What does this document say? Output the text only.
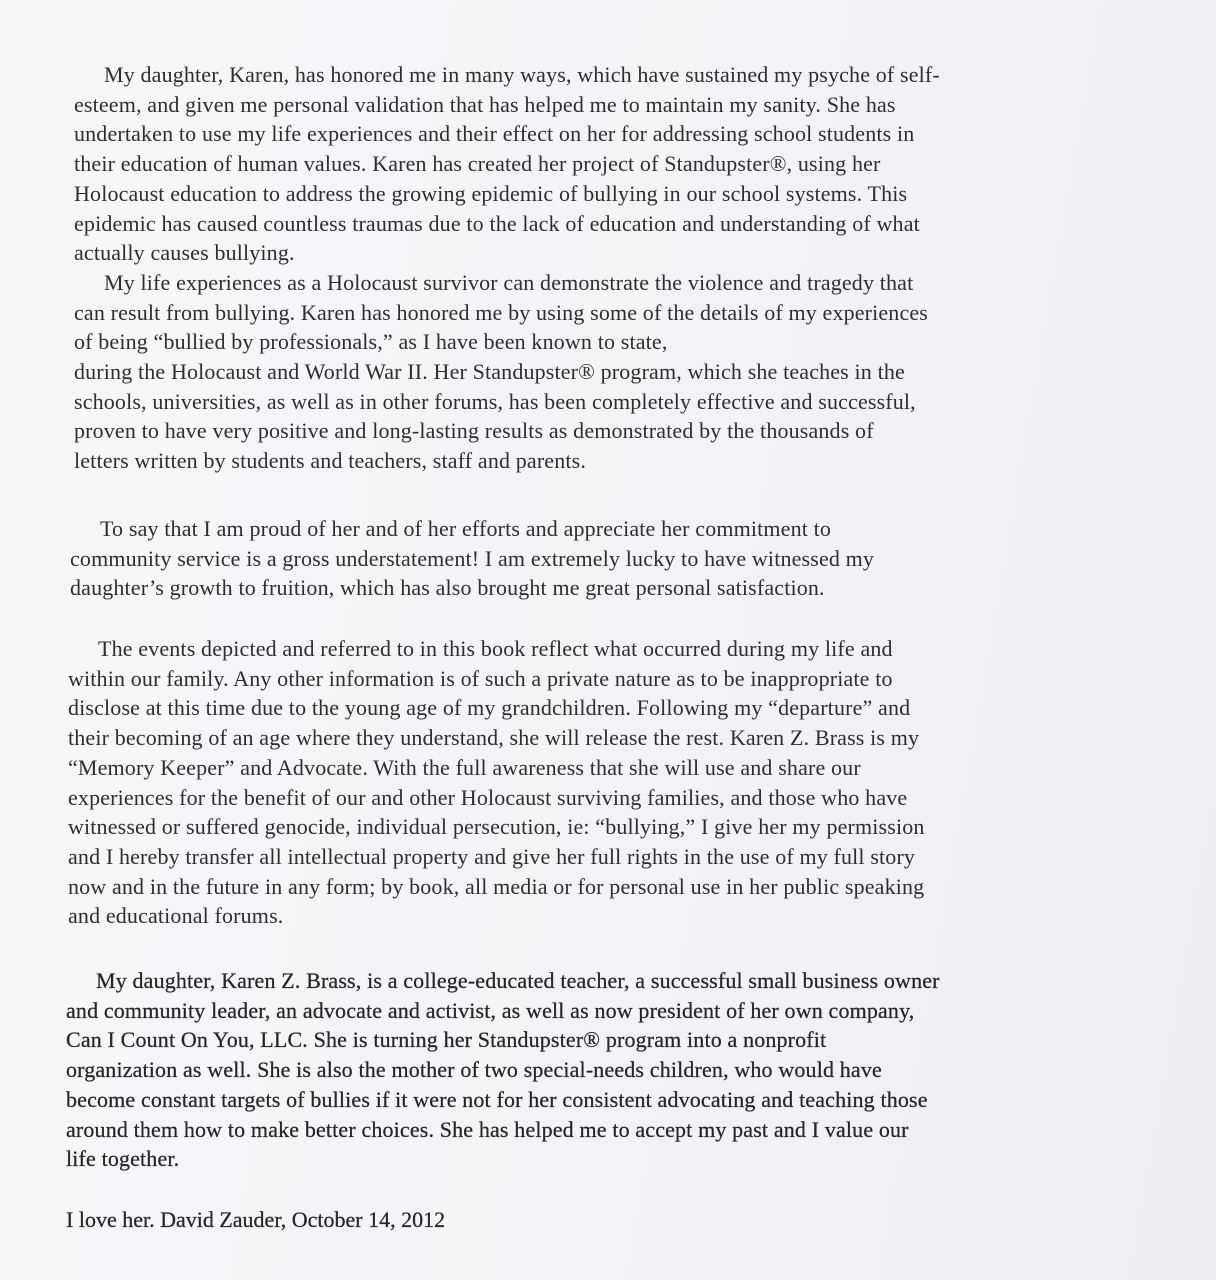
My daughter, Karen, has honored me in many ways, which have sustained my psyche of self-
esteem, and given me personal validation that has helped me to maintain my sanity. She has
undertaken to use my life experiences and their effect on her for addressing school students in
their education of human values. Karen has created her project of Standupster®, using her
Holocaust education to address the growing epidemic of bullying in our school systems. This
epidemic has caused countless traumas due to the lack of education and understanding of what
actually causes bullying.
My life experiences as a Holocaust survivor can demonstrate the violence and tragedy that
can result from bullying. Karen has honored me by using some of the details of my experiences
of being “bullied by professionals,” as I have been known to state,
during the Holocaust and World War II. Her Standupster® program, which she teaches in the
schools, universities, as well as in other forums, has been completely effective and successful,
proven to have very positive and long-lasting results as demonstrated by the thousands of
letters written by students and teachers, staff and parents.

To say that I am proud of her and of her efforts and appreciate her commitment to
community service is a gross understatement! I am extremely lucky to have witnessed my
daughter’s growth to fruition, which has also brought me great personal satisfaction.

The events depicted and referred to in this book reflect what occurred during my life and
within our family. Any other information is of such a private nature as to be inappropriate to
disclose at this time due to the young age of my grandchildren. Following my “departure” and
their becoming of an age where they understand, she will release the rest. Karen Z. Brass is my
“Memory Keeper” and Advocate. With the full awareness that she will use and share our
experiences for the benefit of our and other Holocaust surviving families, and those who have
witnessed or suffered genocide, individual persecution, ie: “bullying,” I give her my permission
and I hereby transfer all intellectual property and give her full rights in the use of my full story
now and in the future in any form; by book, all media or for personal use in her public speaking
and educational forums.

My daughter, Karen Z. Brass, is a college-educated teacher, a successful small business owner
and community leader, an advocate and activist, as well as now president of her own company,
Can I Count On You, LLC. She is turning her Standupster® program into a nonprofit
organization as well. She is also the mother of two special-needs children, who would have
become constant targets of bullies if it were not for her consistent advocating and teaching those
around them how to make better choices. She has helped me to accept my past and I value our
life together.

I love her. David Zauder, October 14, 2012
